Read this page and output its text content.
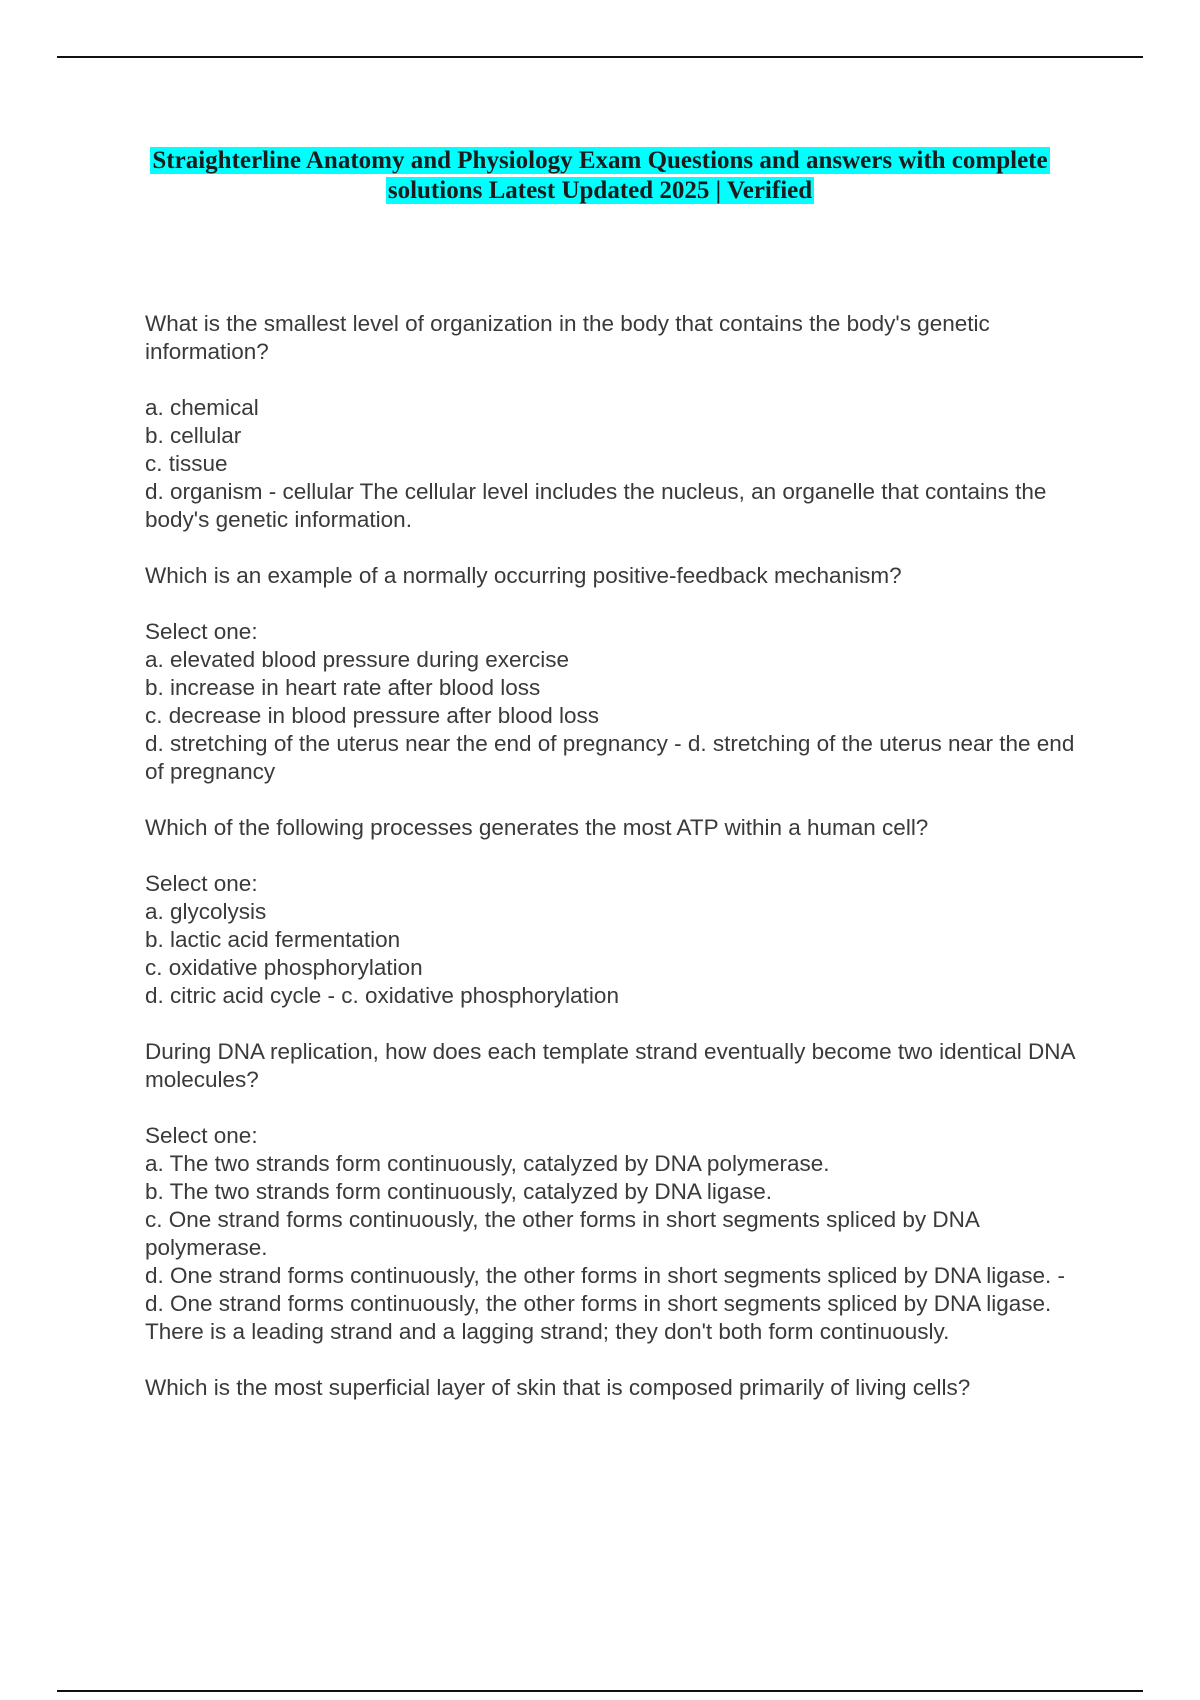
Straighterline Anatomy and Physiology Exam Questions and answers with complete
solutions Latest Updated 2025 | Verified

What is the smallest level of organization in the body that contains the body's genetic information?

a. chemical
b. cellular
c. tissue
d. organism - cellular The cellular level includes the nucleus, an organelle that contains the body's genetic information.

Which is an example of a normally occurring positive-feedback mechanism?

Select one:
a. elevated blood pressure during exercise
b. increase in heart rate after blood loss
c. decrease in blood pressure after blood loss
d. stretching of the uterus near the end of pregnancy - d. stretching of the uterus near the end of pregnancy

Which of the following processes generates the most ATP within a human cell?

Select one:
a. glycolysis
b. lactic acid fermentation
c. oxidative phosphorylation
d. citric acid cycle - c. oxidative phosphorylation

During DNA replication, how does each template strand eventually become two identical DNA molecules?

Select one:
a. The two strands form continuously, catalyzed by DNA polymerase.
b. The two strands form continuously, catalyzed by DNA ligase.
c. One strand forms continuously, the other forms in short segments spliced by DNA polymerase.
d. One strand forms continuously, the other forms in short segments spliced by DNA ligase. - d. One strand forms continuously, the other forms in short segments spliced by DNA ligase. There is a leading strand and a lagging strand; they don't both form continuously.

Which is the most superficial layer of skin that is composed primarily of living cells?
